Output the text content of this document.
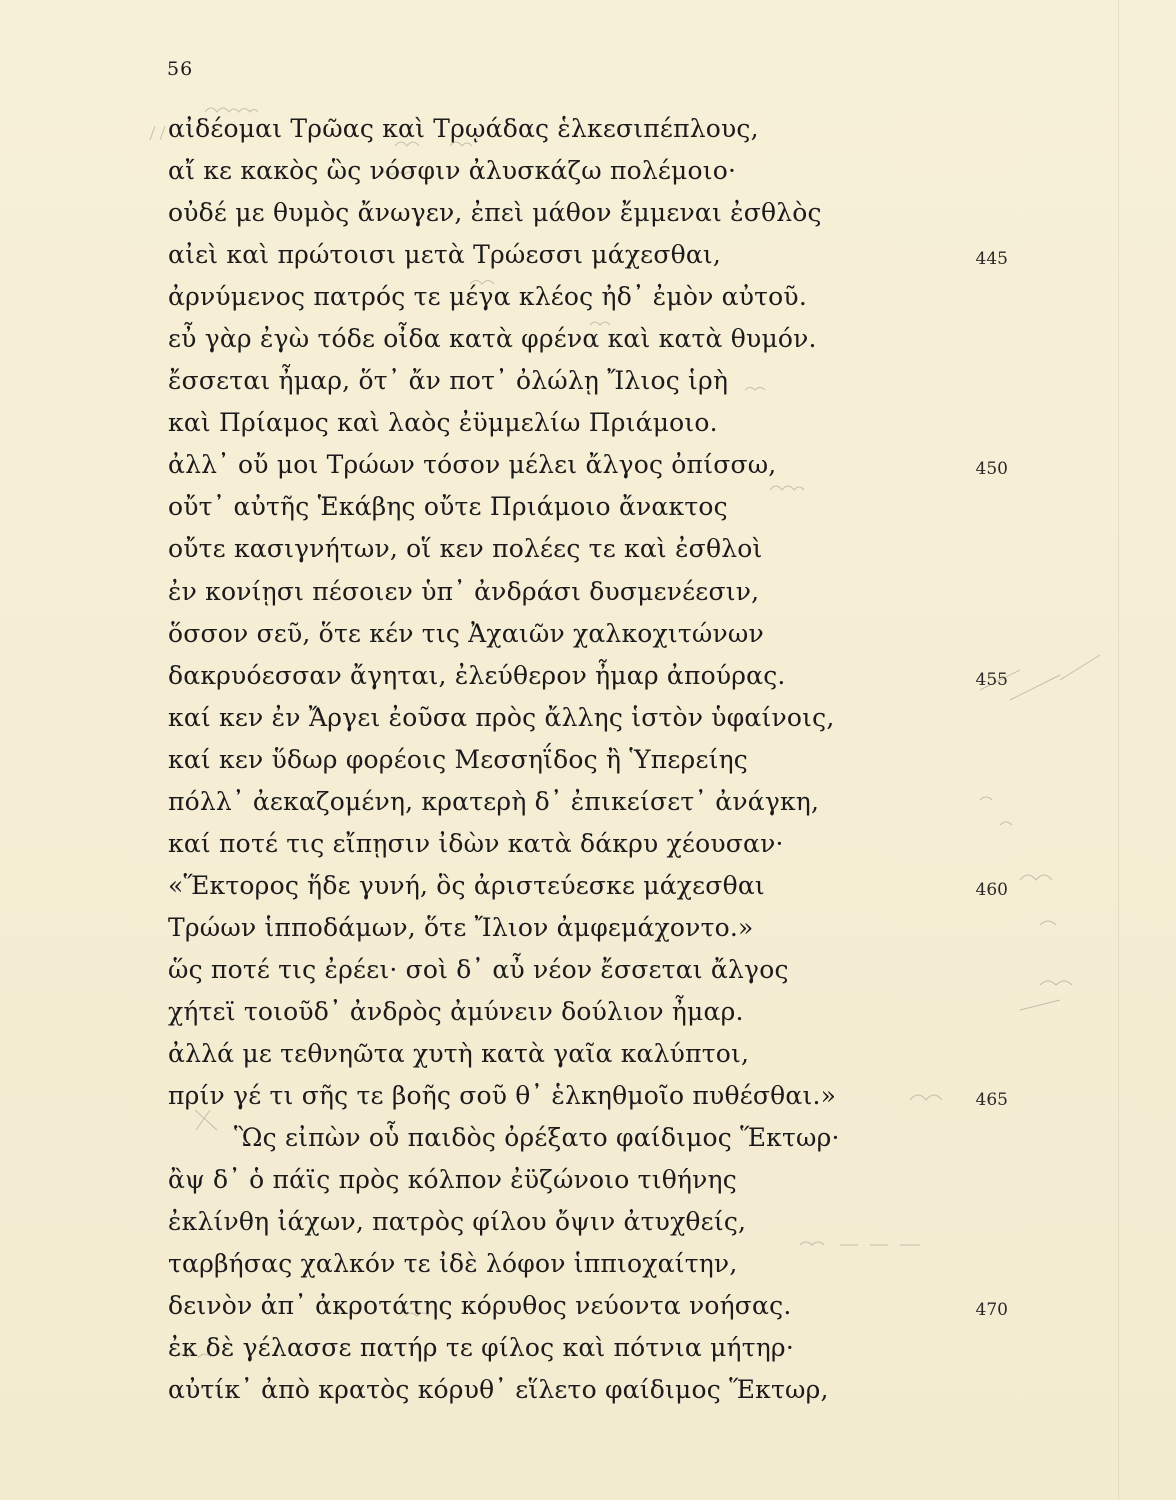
56
αἰδέομαι Τρῶας καὶ Τρῳάδας ἑλκεσιπέπλους,
αἴ κε κακὸς ὣς νόσφιν ἀλυσκάζω πολέμοιο·
οὐδέ με θυμὸς ἄνωγεν, ἐπεὶ μάθον ἔμμεναι ἐσθλὸς
αἰεὶ καὶ πρώτοισι μετὰ Τρώεσσι μάχεσθαι,	445
ἀρνύμενος πατρός τε μέγα κλέος ἠδ᾽ ἐμὸν αὐτοῦ.
εὖ γὰρ ἐγὼ τόδε οἶδα κατὰ φρένα καὶ κατὰ θυμόν.
ἔσσεται ἦμαρ, ὅτ᾽ ἄν ποτ᾽ ὀλώλῃ Ἴλιος ἱρὴ
καὶ Πρίαμος καὶ λαὸς ἐϋμμελίω Πριάμοιο.
ἀλλ᾽ οὔ μοι Τρώων τόσον μέλει ἄλγος ὀπίσσω,	450
οὔτ᾽ αὐτῆς Ἑκάβης οὔτε Πριάμοιο ἄνακτος
οὔτε κασιγνήτων, οἵ κεν πολέες τε καὶ ἐσθλοὶ
ἐν κονίῃσι πέσοιεν ὑπ᾽ ἀνδράσι δυσμενέεσιν,
ὅσσον σεῦ, ὅτε κέν τις Ἀχαιῶν χαλκοχιτώνων
δακρυόεσσαν ἄγηται, ἐλεύθερον ἦμαρ ἀπούρας.	455
καί κεν ἐν Ἄργει ἐοῦσα πρὸς ἄλλης ἱστὸν ὑφαίνοις,
καί κεν ὕδωρ φορέοις Μεσσηΐδος ἢ Ὑπερείης
πόλλ᾽ ἀεκαζομένη, κρατερὴ δ᾽ ἐπικείσετ᾽ ἀνάγκη,
καί ποτέ τις εἴπῃσιν ἰδὼν κατὰ δάκρυ χέουσαν·
«Ἕκτορος ἥδε γυνή, ὃς ἀριστεύεσκε μάχεσθαι	460
Τρώων ἱπποδάμων, ὅτε Ἴλιον ἀμφεμάχοντο.»
ὥς ποτέ τις ἐρέει· σοὶ δ᾽ αὖ νέον ἔσσεται ἄλγος
χήτεϊ τοιοῦδ᾽ ἀνδρὸς ἀμύνειν δούλιον ἦμαρ.
ἀλλά με τεθνηῶτα χυτὴ κατὰ γαῖα καλύπτοι,
πρίν γέ τι σῆς τε βοῆς σοῦ θ᾽ ἑλκηθμοῖο πυθέσθαι.»	465
Ὣς εἰπὼν οὗ παιδὸς ὀρέξατο φαίδιμος Ἕκτωρ·
ἂψ δ᾽ ὁ πάϊς πρὸς κόλπον ἐϋζώνοιο τιθήνης
ἐκλίνθη ἰάχων, πατρὸς φίλου ὄψιν ἀτυχθείς,
ταρβήσας χαλκόν τε ἰδὲ λόφον ἱππιοχαίτην,
δεινὸν ἀπ᾽ ἀκροτάτης κόρυθος νεύοντα νοήσας.	470
ἐκ δὲ γέλασσε πατήρ τε φίλος καὶ πότνια μήτηρ·
αὐτίκ᾽ ἀπὸ κρατὸς κόρυθ᾽ εἵλετο φαίδιμος Ἕκτωρ,
